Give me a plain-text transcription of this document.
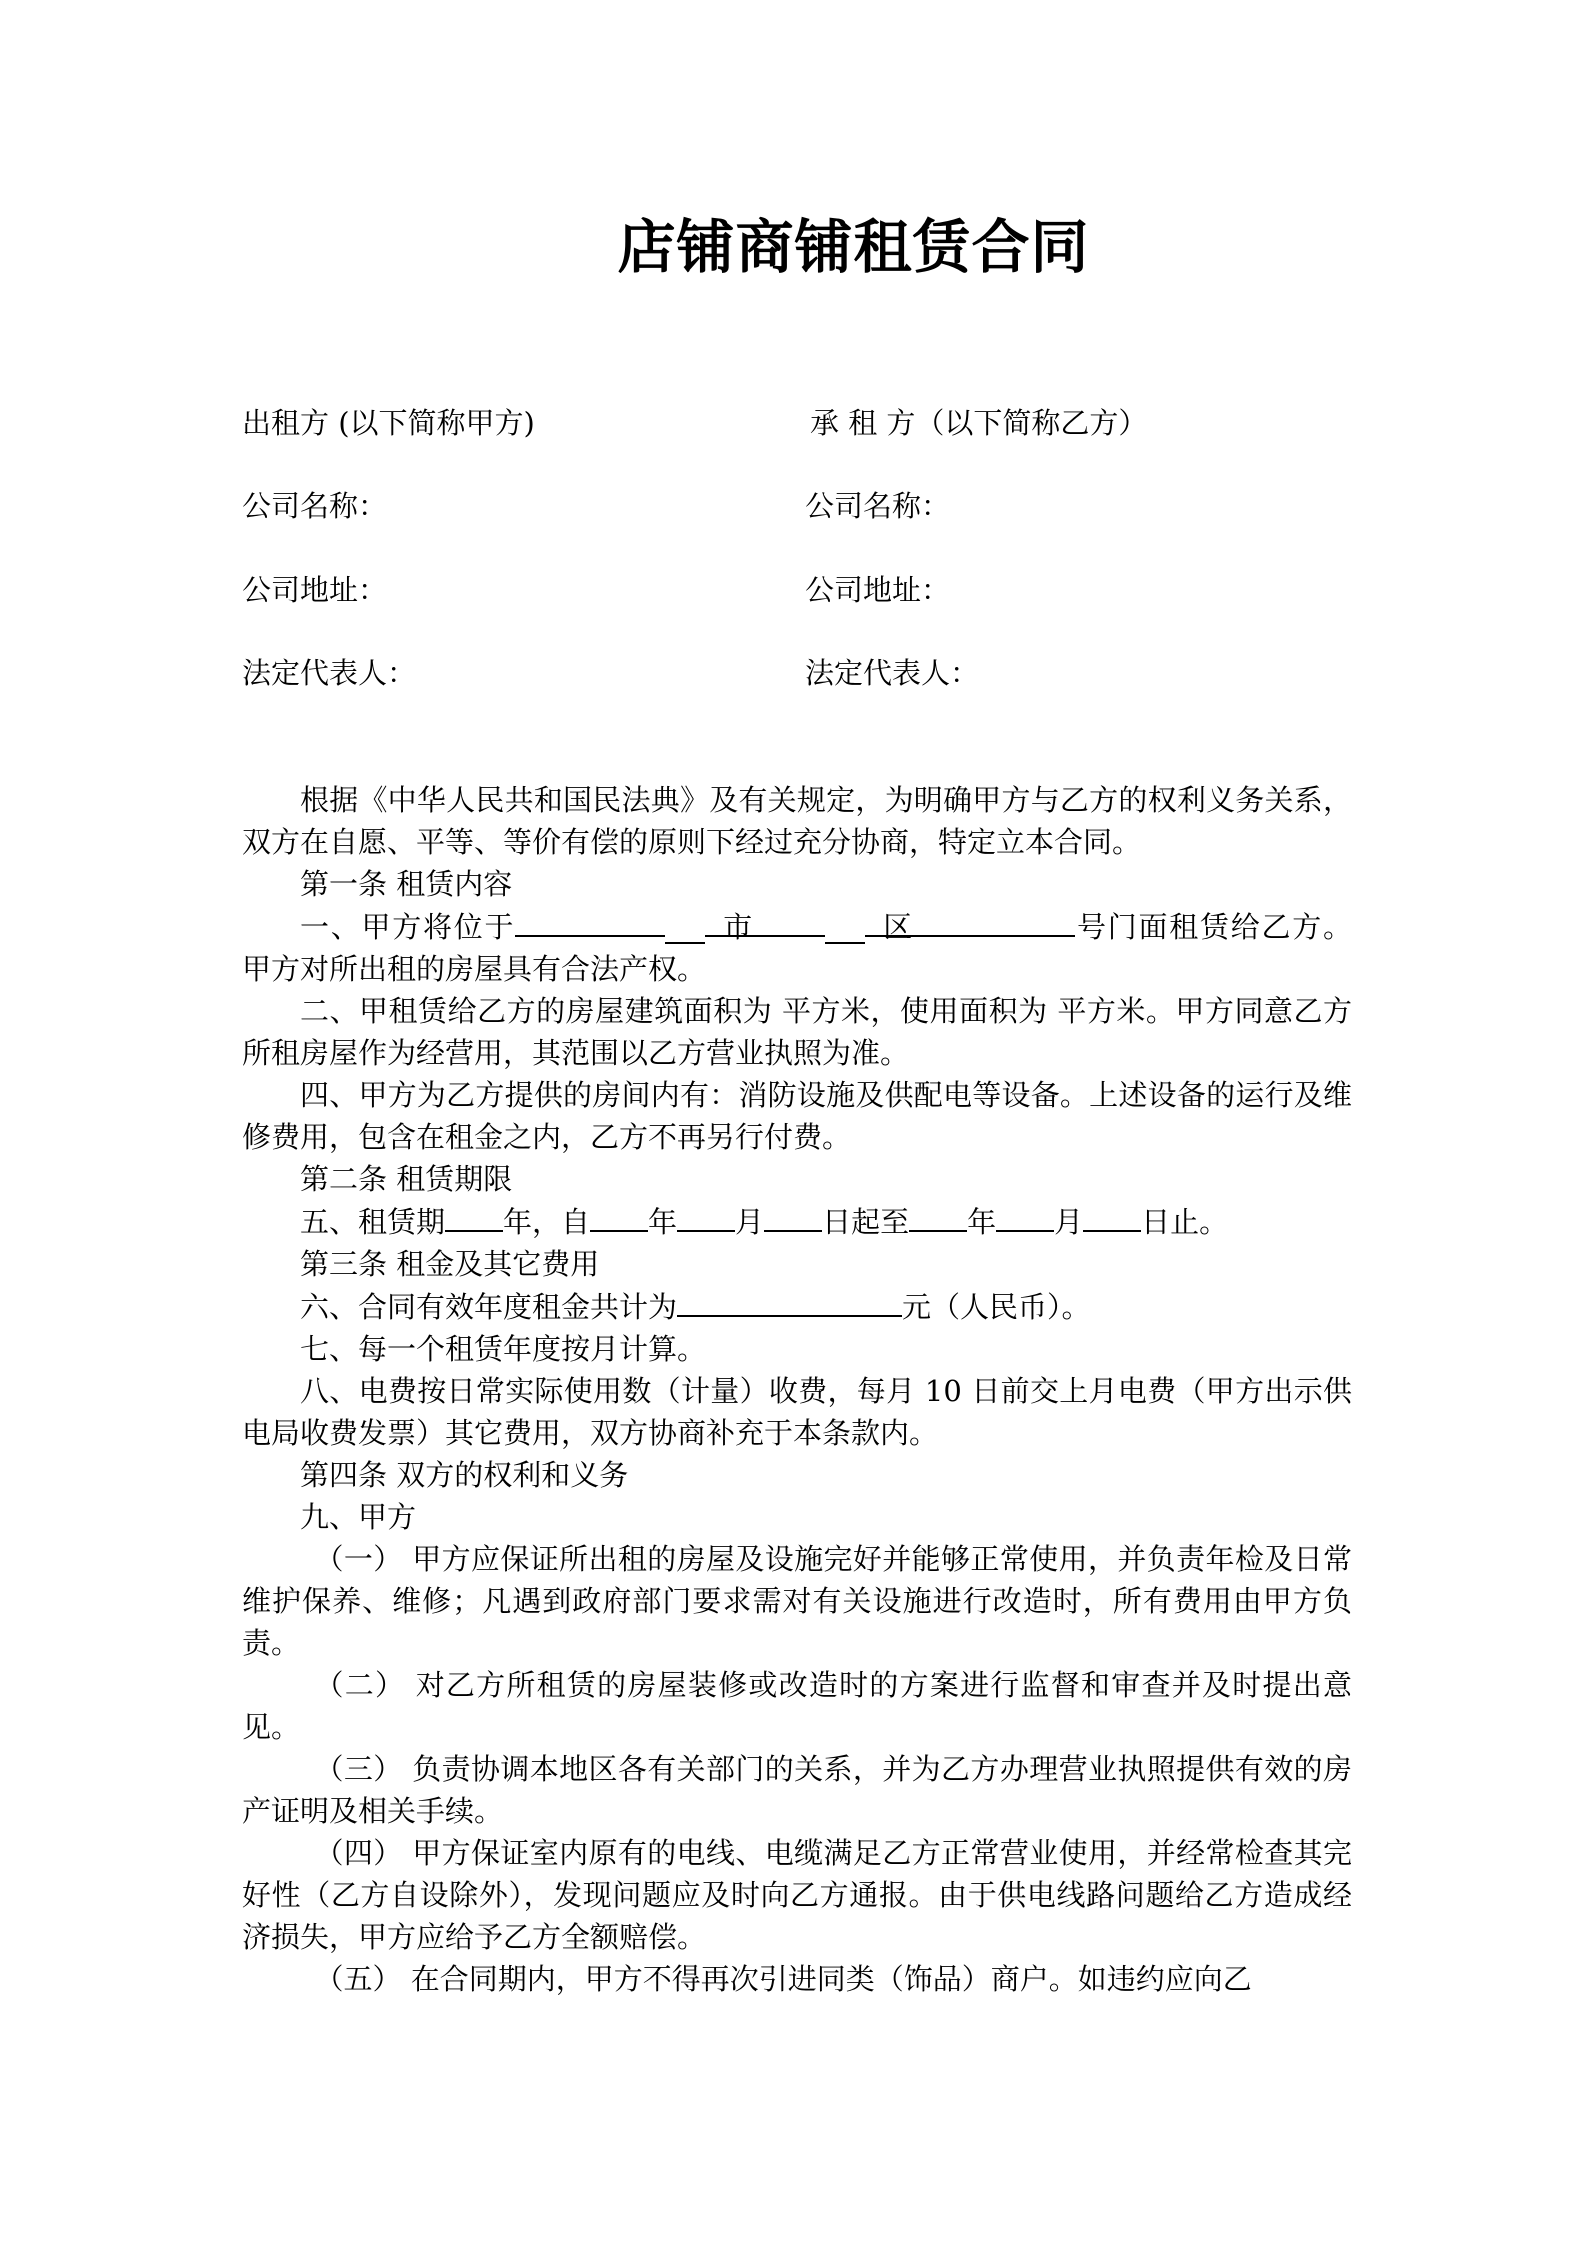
店铺商铺租赁合同
出租方 (以下简称甲方)	承 租 方（以下简称乙方）
公司名称：	公司名称：
公司地址：	公司地址：
法定代表人：	法定代表人：

根据《中华人民共和国民法典》及有关规定，为明确甲方与乙方的权利义务关系，双方在自愿、平等、等价有偿的原则下经过充分协商，特定立本合同。

第一条 租赁内容

一、甲方将位于	市	区	号门面租赁给乙方。甲方对所出租的房屋具有合法产权。

二、甲租赁给乙方的房屋建筑面积为 平方米，使用面积为 平方米。甲方同意乙方所租房屋作为经营用，其范围以乙方营业执照为准。

四、甲方为乙方提供的房间内有：消防设施及供配电等设备。上述设备的运行及维修费用，包含在租金之内，乙方不再另行付费。

第二条 租赁期限

五、租赁期 年，自 年 月 日起至 年 月 日止。

第三条 租金及其它费用

六、合同有效年度租金共计为	元（人民币）。

七、每一个租赁年度按月计算。

八、电费按日常实际使用数（计量）收费，每月 10 日前交上月电费（甲方出示供电局收费发票）其它费用，双方协商补充于本条款内。

第四条 双方的权利和义务

九、甲方

（一） 甲方应保证所出租的房屋及设施完好并能够正常使用，并负责年检及日常维护保养、维修；凡遇到政府部门要求需对有关设施进行改造时，所有费用由甲方负责。

（二） 对乙方所租赁的房屋装修或改造时的方案进行监督和审查并及时提出意见。

（三） 负责协调本地区各有关部门的关系，并为乙方办理营业执照提供有效的房产证明及相关手续。

（四） 甲方保证室内原有的电线、电缆满足乙方正常营业使用，并经常检查其完好性（乙方自设除外），发现问题应及时向乙方通报。由于供电线路问题给乙方造成经济损失，甲方应给予乙方全额赔偿。

（五） 在合同期内，甲方不得再次引进同类（饰品）商户。如违约应向乙
